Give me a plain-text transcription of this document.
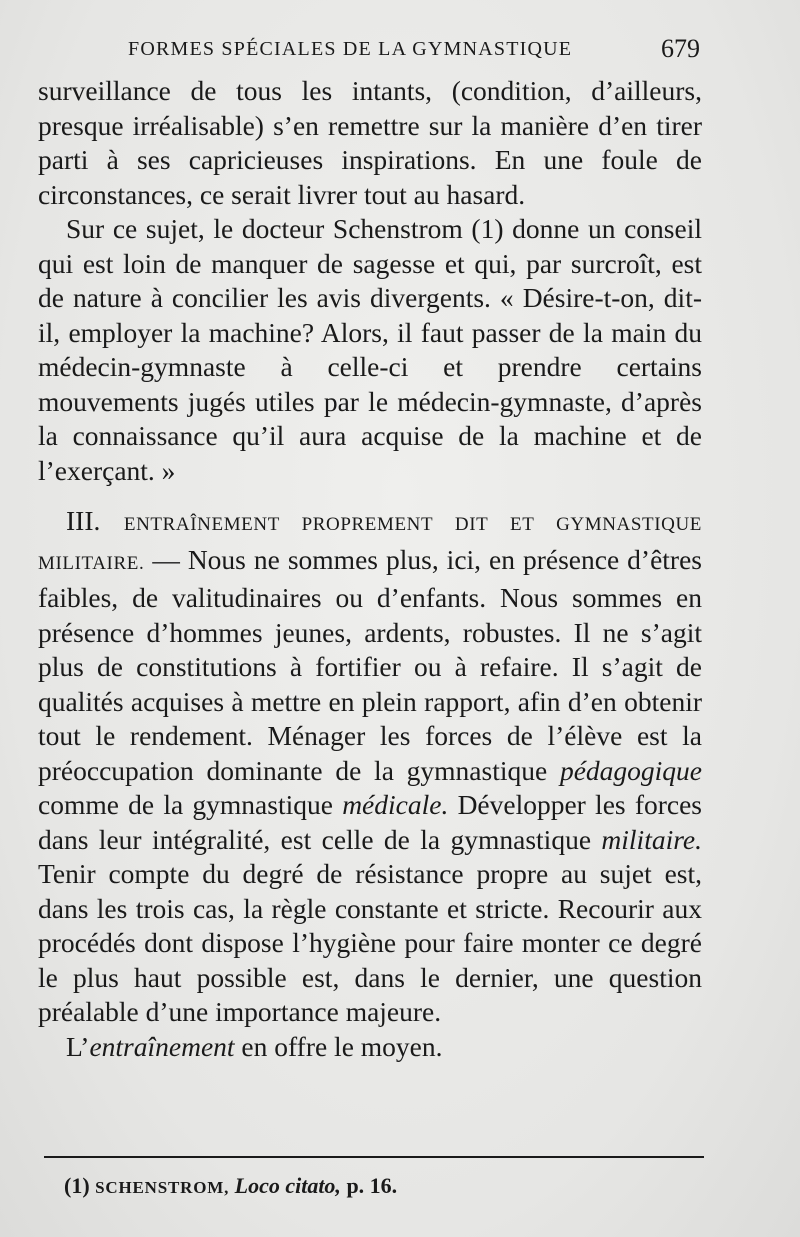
FORMES SPÉCIALES DE LA GYMNASTIQUE	679

surveillance de tous les intants, (condition, d’ailleurs, presque irréalisable) s’en remettre sur la manière d’en tirer parti à ses capricieuses inspirations. En une foule de circonstances, ce serait livrer tout au hasard.

Sur ce sujet, le docteur Schenstrom (1) donne un conseil qui est loin de manquer de sagesse et qui, par surcroît, est de nature à concilier les avis divergents. « Désire-t-on, dit-il, employer la machine? Alors, il faut passer de la main du médecin-gymnaste à celle-ci et prendre certains mouvements jugés utiles par le médecin-gymnaste, d’après la connaissance qu’il aura acquise de la machine et de l’exerçant. »

III. ENTRAÎNEMENT PROPREMENT DIT ET GYMNASTIQUE MILITAIRE. — Nous ne sommes plus, ici, en présence d’êtres faibles, de valitudinaires ou d’enfants. Nous sommes en présence d’hommes jeunes, ardents, robustes. Il ne s’agit plus de constitutions à fortifier ou à refaire. Il s’agit de qualités acquises à mettre en plein rapport, afin d’en obtenir tout le rendement. Ménager les forces de l’élève est la préoccupation dominante de la gymnastique pédagogique comme de la gymnastique médicale. Développer les forces dans leur intégralité, est celle de la gymnastique militaire. Tenir compte du degré de résistance propre au sujet est, dans les trois cas, la règle constante et stricte. Recourir aux procédés dont dispose l’hygiène pour faire monter ce degré le plus haut possible est, dans le dernier, une question préalable d’une importance majeure.

L’entraînement en offre le moyen.

(1) SCHENSTROM, Loco citato, p. 16.
